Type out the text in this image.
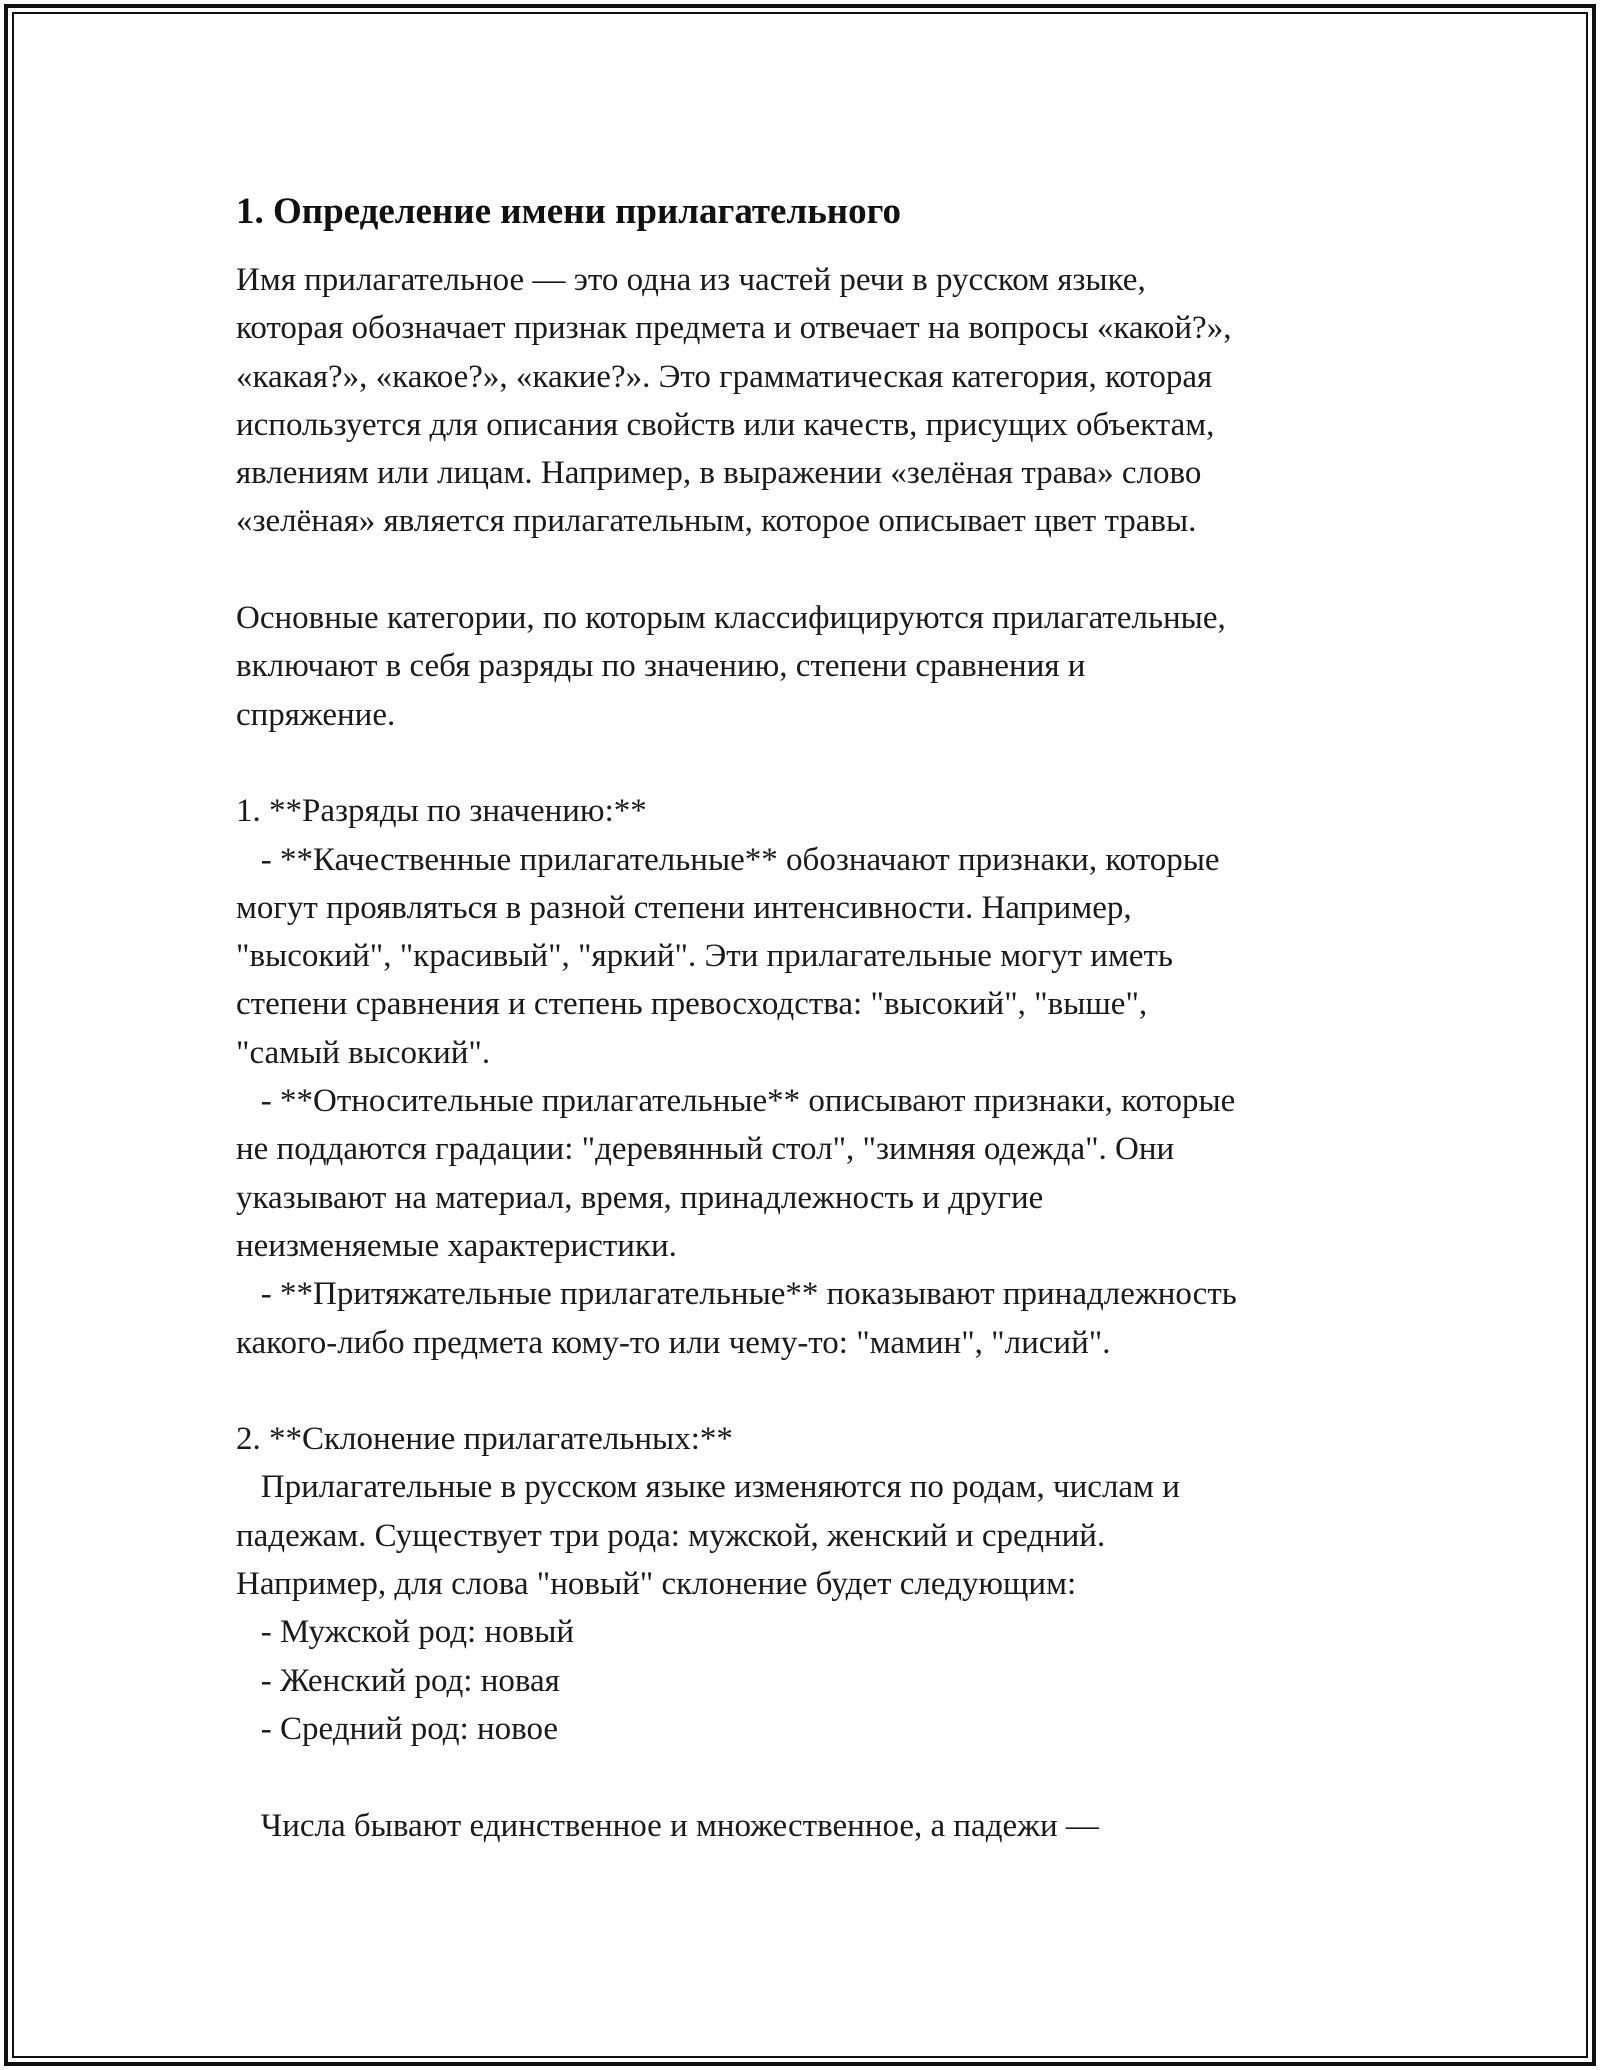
1. Определение имени прилагательного
Имя прилагательное — это одна из частей речи в русском языке,
которая обозначает признак предмета и отвечает на вопросы «какой?»,
«какая?», «какое?», «какие?». Это грамматическая категория, которая
используется для описания свойств или качеств, присущих объектам,
явлениям или лицам. Например, в выражении «зелёная трава» слово
«зелёная» является прилагательным, которое описывает цвет травы.
Основные категории, по которым классифицируются прилагательные,
включают в себя разряды по значению, степени сравнения и
спряжение.
1. **Разряды по значению:**
- **Качественные прилагательные** обозначают признаки, которые
могут проявляться в разной степени интенсивности. Например,
"высокий", "красивый", "яркий". Эти прилагательные могут иметь
степени сравнения и степень превосходства: "высокий", "выше",
"самый высокий".
- **Относительные прилагательные** описывают признаки, которые
не поддаются градации: "деревянный стол", "зимняя одежда". Они
указывают на материал, время, принадлежность и другие
неизменяемые характеристики.
- **Притяжательные прилагательные** показывают принадлежность
какого-либо предмета кому-то или чему-то: "мамин", "лисий".
2. **Склонение прилагательных:**
Прилагательные в русском языке изменяются по родам, числам и
падежам. Существует три рода: мужской, женский и средний.
Например, для слова "новый" склонение будет следующим:
- Мужской род: новый
- Женский род: новая
- Средний род: новое
Числа бывают единственное и множественное, а падежи —
